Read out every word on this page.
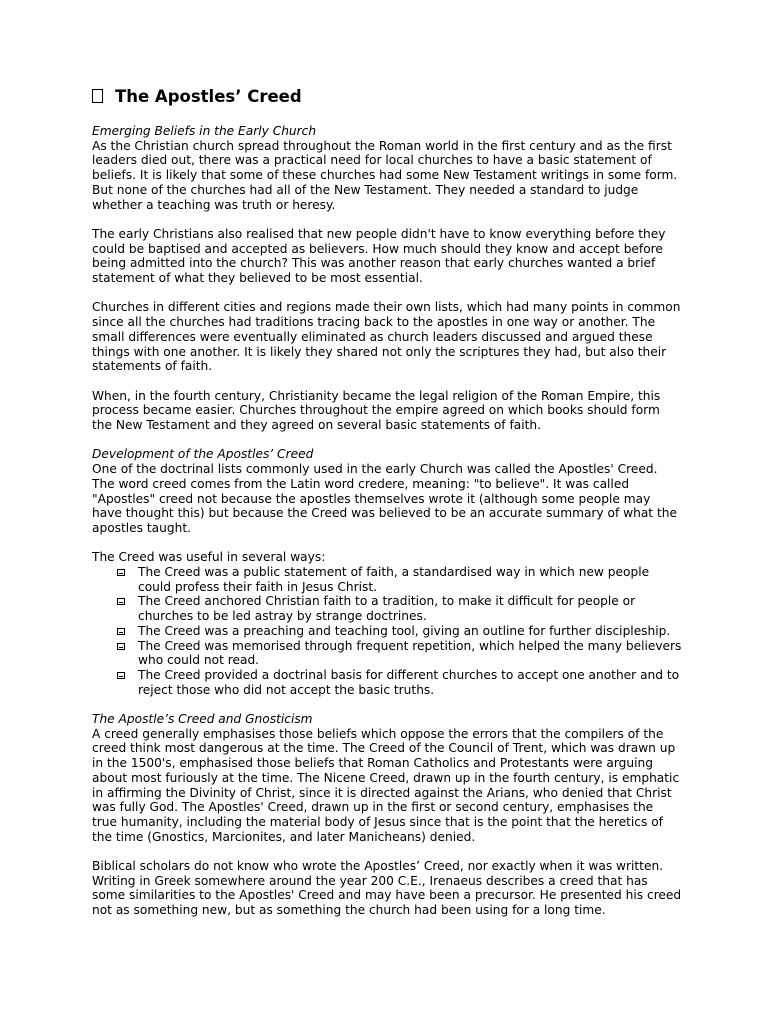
The Apostles’ Creed

Emerging Beliefs in the Early Church

As the Christian church spread throughout the Roman world in the first century and as the first leaders died out, there was a practical need for local churches to have a basic statement of beliefs. It is likely that some of these churches had some New Testament writings in some form. But none of the churches had all of the New Testament. They needed a standard to judge whether a teaching was truth or heresy.

The early Christians also realised that new people didn't have to know everything before they could be baptised and accepted as believers. How much should they know and accept before being admitted into the church? This was another reason that early churches wanted a brief statement of what they believed to be most essential.

Churches in different cities and regions made their own lists, which had many points in common since all the churches had traditions tracing back to the apostles in one way or another. The small differences were eventually eliminated as church leaders discussed and argued these things with one another. It is likely they shared not only the scriptures they had, but also their statements of faith.

When, in the fourth century, Christianity became the legal religion of the Roman Empire, this process became easier. Churches throughout the empire agreed on which books should form the New Testament and they agreed on several basic statements of faith.

Development of the Apostles’ Creed

One of the doctrinal lists commonly used in the early Church was called the Apostles' Creed. The word creed comes from the Latin word credere, meaning: "to believe". It was called "Apostles" creed not because the apostles themselves wrote it (although some people may have thought this) but because the Creed was believed to be an accurate summary of what the apostles taught.

The Creed was useful in several ways:

The Creed was a public statement of faith, a standardised way in which new people could profess their faith in Jesus Christ.
The Creed anchored Christian faith to a tradition, to make it difficult for people or churches to be led astray by strange doctrines.
The Creed was a preaching and teaching tool, giving an outline for further discipleship.
The Creed was memorised through frequent repetition, which helped the many believers who could not read.
The Creed provided a doctrinal basis for different churches to accept one another and to reject those who did not accept the basic truths.

The Apostle’s Creed and Gnosticism

A creed generally emphasises those beliefs which oppose the errors that the compilers of the creed think most dangerous at the time. The Creed of the Council of Trent, which was drawn up in the 1500's, emphasised those beliefs that Roman Catholics and Protestants were arguing about most furiously at the time. The Nicene Creed, drawn up in the fourth century, is emphatic in affirming the Divinity of Christ, since it is directed against the Arians, who denied that Christ was fully God. The Apostles' Creed, drawn up in the first or second century, emphasises the true humanity, including the material body of Jesus since that is the point that the heretics of the time (Gnostics, Marcionites, and later Manicheans) denied.

Biblical scholars do not know who wrote the Apostles’ Creed, nor exactly when it was written. Writing in Greek somewhere around the year 200 C.E., Irenaeus describes a creed that has some similarities to the Apostles' Creed and may have been a precursor. He presented his creed not as something new, but as something the church had been using for a long time.
